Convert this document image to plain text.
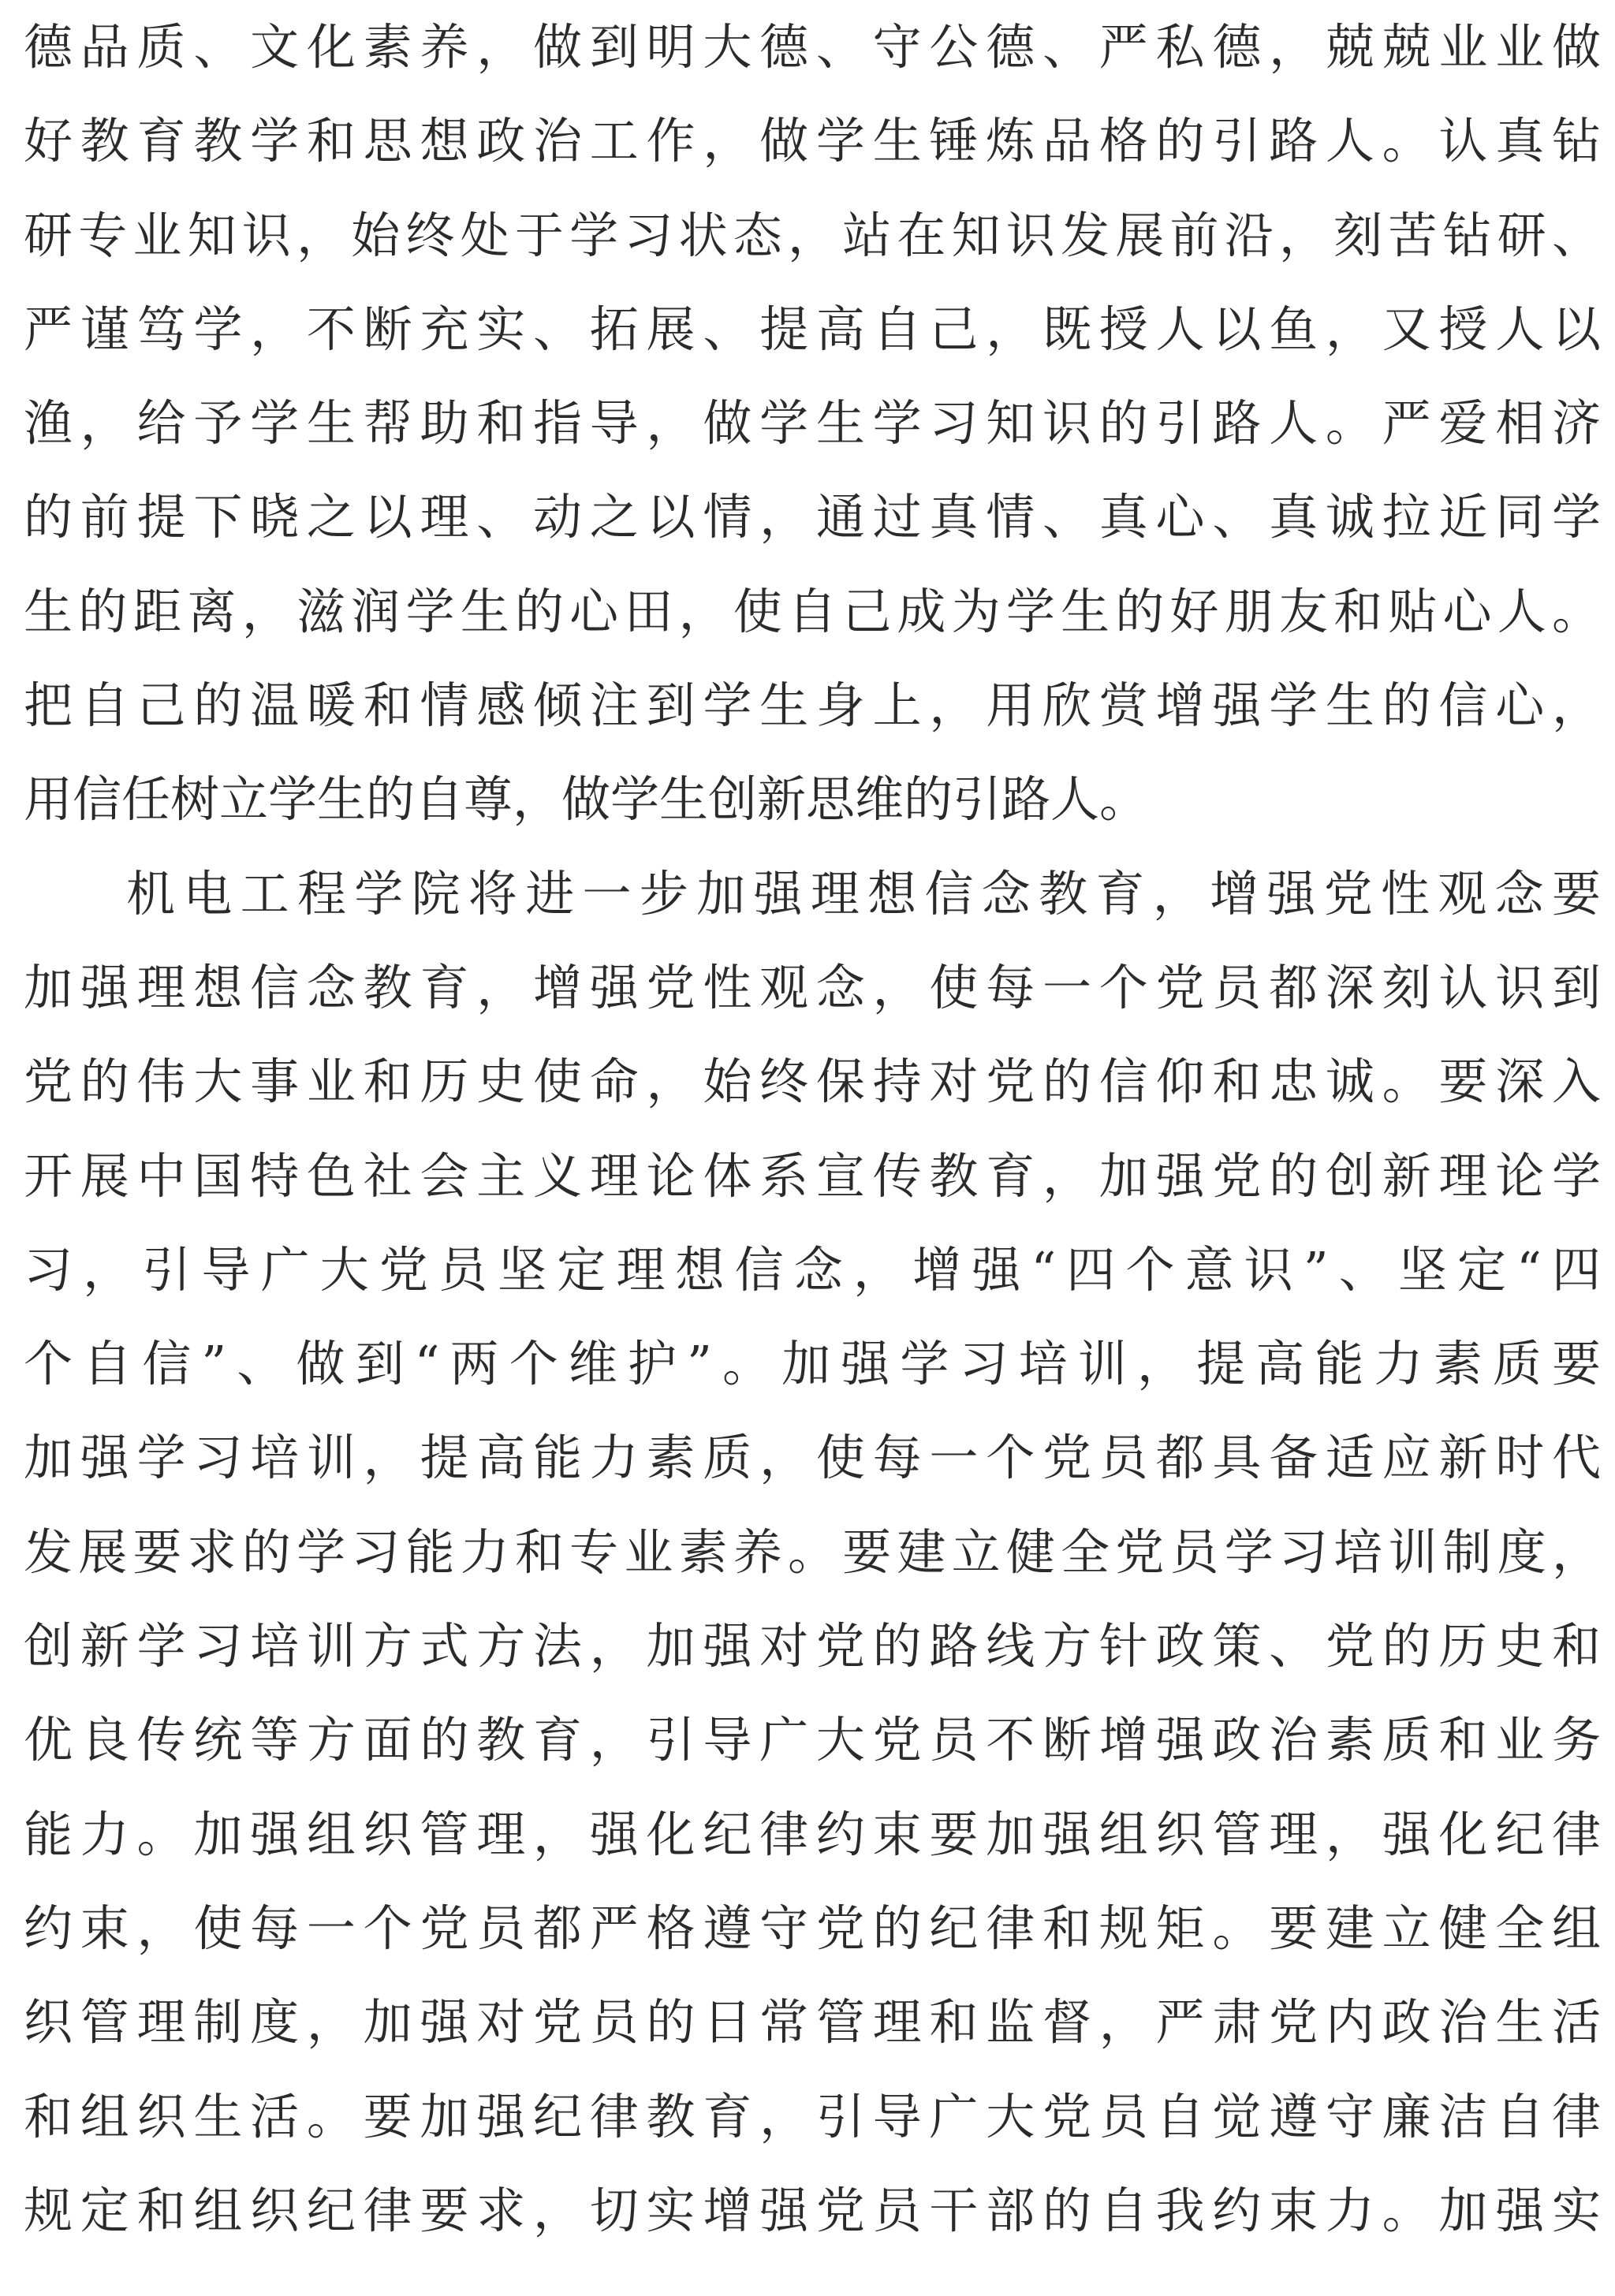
德品质、文化素养，做到明大德、守公德、严私德，兢兢业业做
好教育教学和思想政治工作，做学生锤炼品格的引路人。认真钻
研专业知识，始终处于学习状态，站在知识发展前沿，刻苦钻研、
严谨笃学，不断充实、拓展、提高自己，既授人以鱼，又授人以
渔，给予学生帮助和指导，做学生学习知识的引路人。严爱相济
的前提下晓之以理、动之以情，通过真情、真心、真诚拉近同学
生的距离，滋润学生的心田，使自己成为学生的好朋友和贴心人。
把自己的温暖和情感倾注到学生身上，用欣赏增强学生的信心，
用信任树立学生的自尊，做学生创新思维的引路人。
机电工程学院将进一步加强理想信念教育，增强党性观念要
加强理想信念教育，增强党性观念，使每一个党员都深刻认识到
党的伟大事业和历史使命，始终保持对党的信仰和忠诚。要深入
开展中国特色社会主义理论体系宣传教育，加强党的创新理论学
习，引导广大党员坚定理想信念，增强“四个意识”、坚定“四
个自信”、做到“两个维护”。加强学习培训，提高能力素质要
加强学习培训，提高能力素质，使每一个党员都具备适应新时代
发展要求的学习能力和专业素养。要建立健全党员学习培训制度，
创新学习培训方式方法，加强对党的路线方针政策、党的历史和
优良传统等方面的教育，引导广大党员不断增强政治素质和业务
能力。加强组织管理，强化纪律约束要加强组织管理，强化纪律
约束，使每一个党员都严格遵守党的纪律和规矩。要建立健全组
织管理制度，加强对党员的日常管理和监督，严肃党内政治生活
和组织生活。要加强纪律教育，引导广大党员自觉遵守廉洁自律
规定和组织纪律要求，切实增强党员干部的自我约束力。加强实
